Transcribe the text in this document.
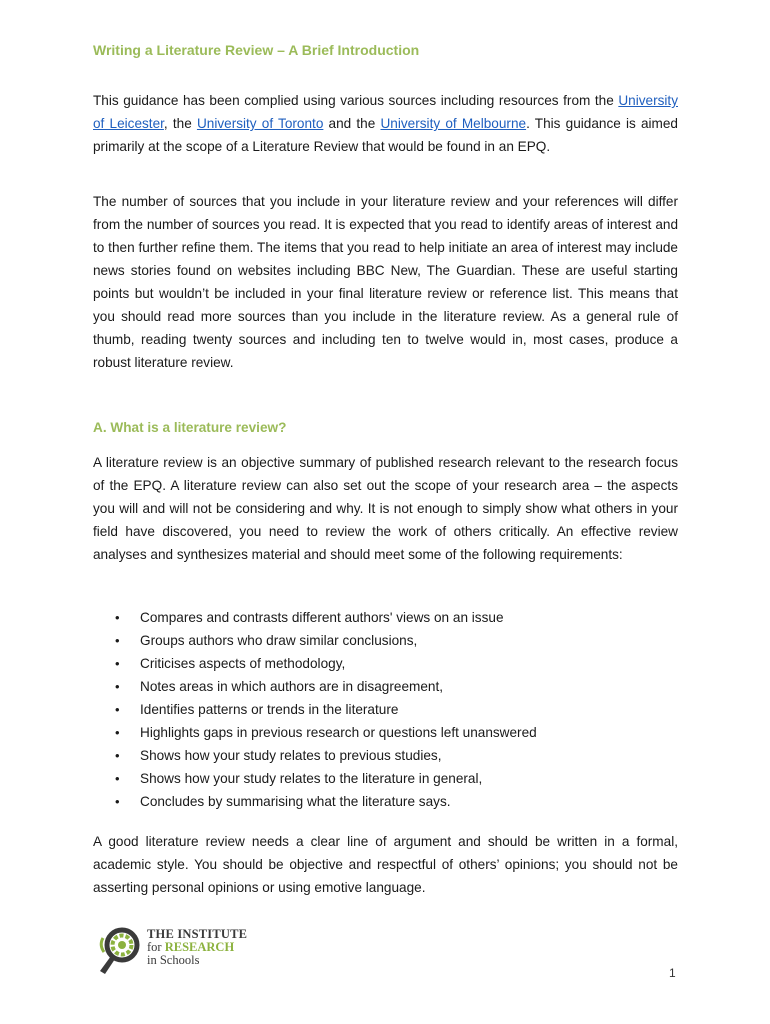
Writing a Literature Review – A Brief Introduction

This guidance has been complied using various sources including resources from the University of Leicester, the University of Toronto and the University of Melbourne. This guidance is aimed primarily at the scope of a Literature Review that would be found in an EPQ.

The number of sources that you include in your literature review and your references will differ from the number of sources you read. It is expected that you read to identify areas of interest and to then further refine them. The items that you read to help initiate an area of interest may include news stories found on websites including BBC New, The Guardian. These are useful starting points but wouldn’t be included in your final literature review or reference list. This means that you should read more sources than you include in the literature review. As a general rule of thumb, reading twenty sources and including ten to twelve would in, most cases, produce a robust literature review.

A. What is a literature review?

A literature review is an objective summary of published research relevant to the research focus of the EPQ. A literature review can also set out the scope of your research area – the aspects you will and will not be considering and why. It is not enough to simply show what others in your field have discovered, you need to review the work of others critically. An effective review analyses and synthesizes material and should meet some of the following requirements:

• Compares and contrasts different authors' views on an issue
• Groups authors who draw similar conclusions,
• Criticises aspects of methodology,
• Notes areas in which authors are in disagreement,
• Identifies patterns or trends in the literature
• Highlights gaps in previous research or questions left unanswered
• Shows how your study relates to previous studies,
• Shows how your study relates to the literature in general,
• Concludes by summarising what the literature says.

A good literature review needs a clear line of argument and should be written in a formal, academic style. You should be objective and respectful of others’ opinions; you should not be asserting personal opinions or using emotive language.

THE INSTITUTE
for RESEARCH
in Schools
1
